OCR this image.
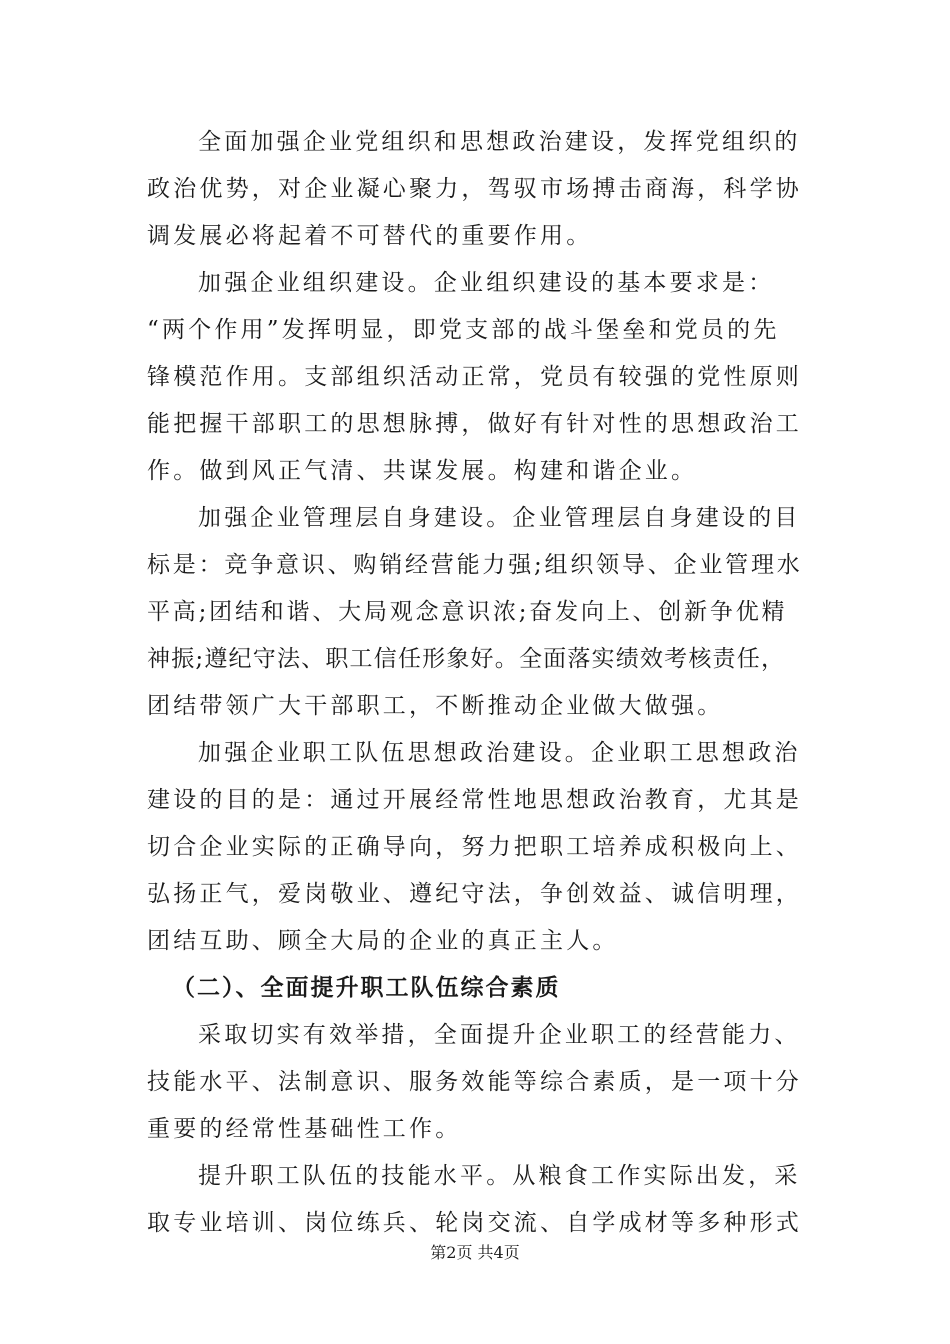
全面加强企业党组织和思想政治建设，发挥党组织的

政治优势，对企业凝心聚力，驾驭市场搏击商海，科学协

调发展必将起着不可替代的重要作用。

加强企业组织建设。企业组织建设的基本要求是：

“两个作用”发挥明显，即党支部的战斗堡垒和党员的先

锋模范作用。支部组织活动正常，党员有较强的党性原则

能把握干部职工的思想脉搏，做好有针对性的思想政治工

作。做到风正气清、共谋发展。构建和谐企业。

加强企业管理层自身建设。企业管理层自身建设的目

标是：竞争意识、购销经营能力强;组织领导、企业管理水

平高;团结和谐、大局观念意识浓;奋发向上、创新争优精

神振;遵纪守法、职工信任形象好。全面落实绩效考核责任，

团结带领广大干部职工，不断推动企业做大做强。

加强企业职工队伍思想政治建设。企业职工思想政治

建设的目的是：通过开展经常性地思想政治教育，尤其是

切合企业实际的正确导向，努力把职工培养成积极向上、

弘扬正气，爱岗敬业、遵纪守法，争创效益、诚信明理，

团结互助、顾全大局的企业的真正主人。

（二）、全面提升职工队伍综合素质

采取切实有效举措，全面提升企业职工的经营能力、

技能水平、法制意识、服务效能等综合素质，是一项十分

重要的经常性基础性工作。

提升职工队伍的技能水平。从粮食工作实际出发，采

取专业培训、岗位练兵、轮岗交流、自学成材等多种形式

第2页 共4页
